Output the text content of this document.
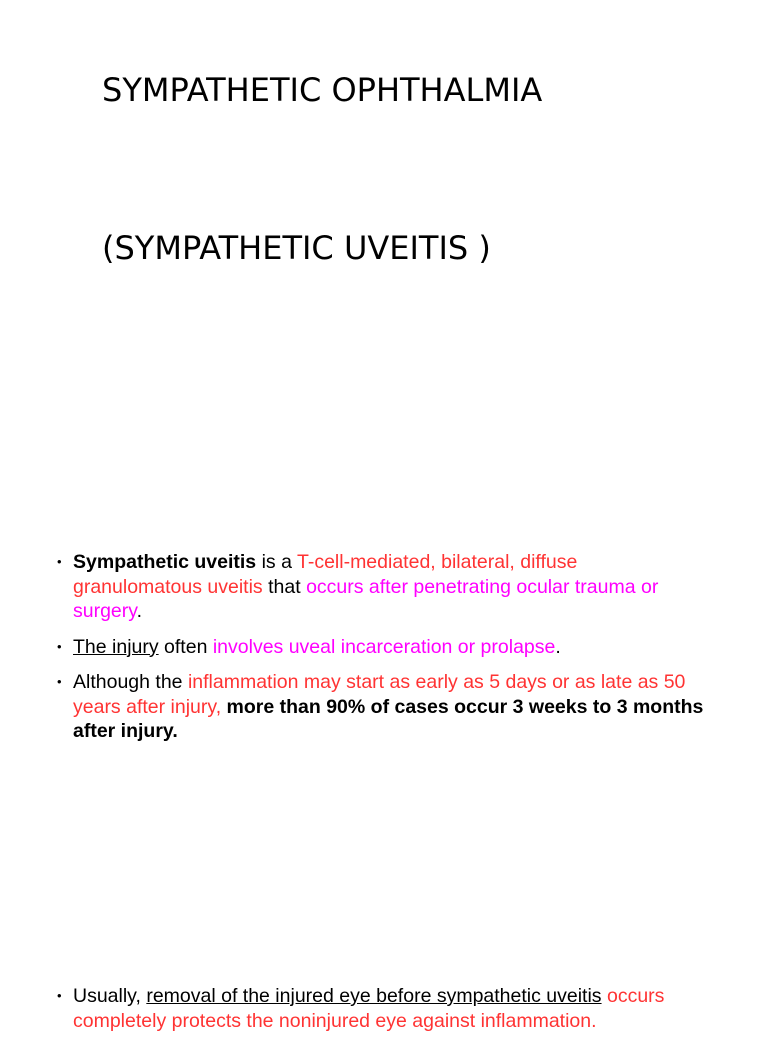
SYMPATHETIC OPHTHALMIA
(SYMPATHETIC UVEITIS )
• Sympathetic uveitis is a T-cell-mediated, bilateral, diffuse granulomatous uveitis that occurs after penetrating ocular trauma or surgery.
• The injury often involves uveal incarceration or prolapse.
• Although the inflammation may start as early as 5 days or as late as 50 years after injury, more than 90% of cases occur 3 weeks to 3 months after injury.
• Usually, removal of the injured eye before sympathetic uveitis occurs completely protects the noninjured eye against inflammation.
